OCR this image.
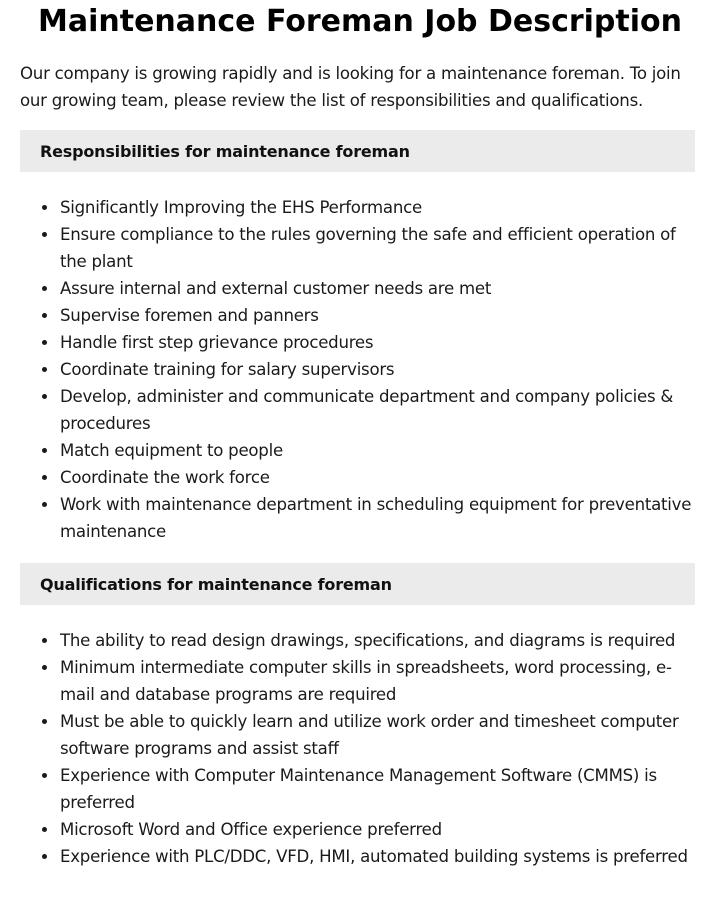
Maintenance Foreman Job Description

Our company is growing rapidly and is looking for a maintenance foreman. To join our growing team, please review the list of responsibilities and qualifications.

Responsibilities for maintenance foreman
Significantly Improving the EHS Performance
Ensure compliance to the rules governing the safe and efficient operation of the plant
Assure internal and external customer needs are met
Supervise foremen and panners
Handle first step grievance procedures
Coordinate training for salary supervisors
Develop, administer and communicate department and company policies & procedures
Match equipment to people
Coordinate the work force
Work with maintenance department in scheduling equipment for preventative maintenance
Qualifications for maintenance foreman
The ability to read design drawings, specifications, and diagrams is required
Minimum intermediate computer skills in spreadsheets, word processing, e-mail and database programs are required
Must be able to quickly learn and utilize work order and timesheet computer software programs and assist staff
Experience with Computer Maintenance Management Software (CMMS) is preferred
Microsoft Word and Office experience preferred
Experience with PLC/DDC, VFD, HMI, automated building systems is preferred
